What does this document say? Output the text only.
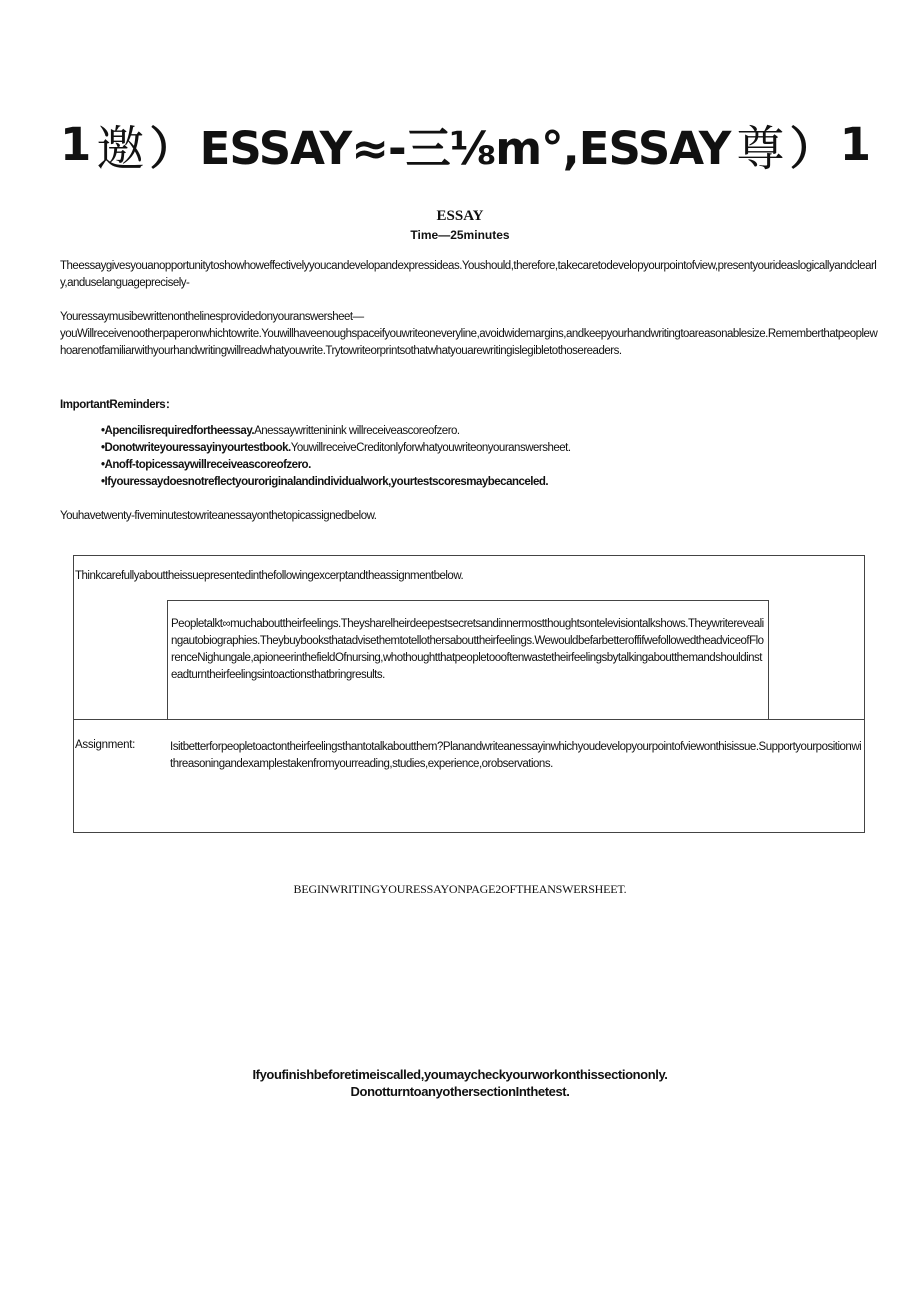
1 邀 ） ESSAY≈-三⅛m°,ESSAY 尊 ） 1
ESSAY
Time—25minutes
Theessaygivesyouanopportunitytoshowhoweffectivelyyoucandevelopandexpressideas.Youshould,therefore,takecaretodevelopyourpointofview,presentyourideaslogicallyandclearly,anduselanguageprecisely-
Youressaymusibewrittenonthelinesprovidedonyouranswersheet—
youWillreceivenootherpaperonwhichtowrite.Youwillhaveenoughspaceifyouwriteoneveryline,avoidwidemargins,andkeepyourhandwritingtoareasonablesize.Rememberthatpeoplewhoarenotfamiliarwithyourhandwritingwillreadwhatyouwrite.Trytowriteorprintsothatwhatyouarewritingislegibletothosereaders.
ImportantReminders：
•Apencilisrequiredfortheessay.Anessaywritteninink willreceiveascoreofzero.
•Donotwriteyouressayinyourtestbook.YouwillreceiveCreditonlyforwhatyouwriteonyouranswersheet.
•Anoff-topicessaywillreceiveascoreofzero.
•Ifyouressaydoesnotreflectyouroriginalandindividualwork,yourtestscoresmaybecanceled.
Youhavetwenty-fiveminutestowriteanessayonthetopicassignedbelow.
Thinkcarefullyabouttheissuepresentedinthefollowingexcerptandtheassignmentbelow.
Peopletalkt∞muchabouttheirfeelings.Theysharelheirdeepestsecretsandinnermostthoughtsontelevisiontalkshows.Theywriterevealingautobiographies.Theybuybooksthatadvisethemtotellothersabouttheirfeelings.WewouldbefarbetteroffifwefollowedtheadviceofFlorenceNighungale,apioneerinthefieldOfnursing,whothoughtthatpeopletoooftenwastetheirfeelingsbytalkingaboutthemandshouldinsteadturntheirfeelingsintoactionsthatbringresults.
Assignment:	Isitbetterforpeopletoactontheirfeelingsthantotalkaboutthem?Planandwriteanessayinwhichyoudevelopyourpointofviewonthisissue.Supportyourpositionwithreasoningandexamplestakenfromyourreading,studies,experience,orobservations.
BEGINWRITINGYOURESSAYONPAGE2OFTHEANSWERSHEET.
Ifyoufinishbeforetimeiscalled,youmaycheckyourworkonthissectiononly.
DonotturntoanyothersectionInthetest.
